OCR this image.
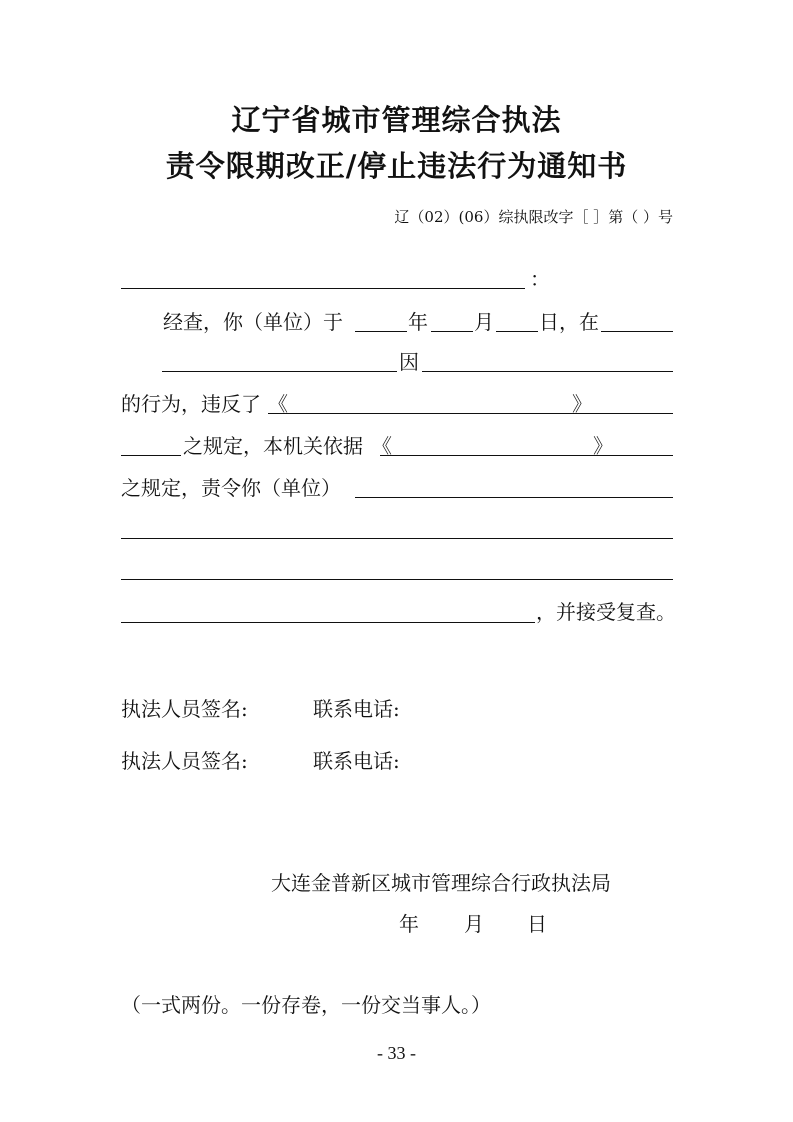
辽宁省城市管理综合执法
责令限期改正/停止违法行为通知书
辽（02）(06）综执限改字［ ］第（ ）号
：
经查，你（单位）于	年 月 日，在
因
的行为，违反了 《	》
之规定，本机关依据 《	》
之规定，责令你（单位）
，并接受复查。
执法人员签名:	联系电话:
执法人员签名:	联系电话:
大连金普新区城市管理综合行政执法局
年 月 日
（一式两份。一份存卷，一份交当事人。）
- 33 -
